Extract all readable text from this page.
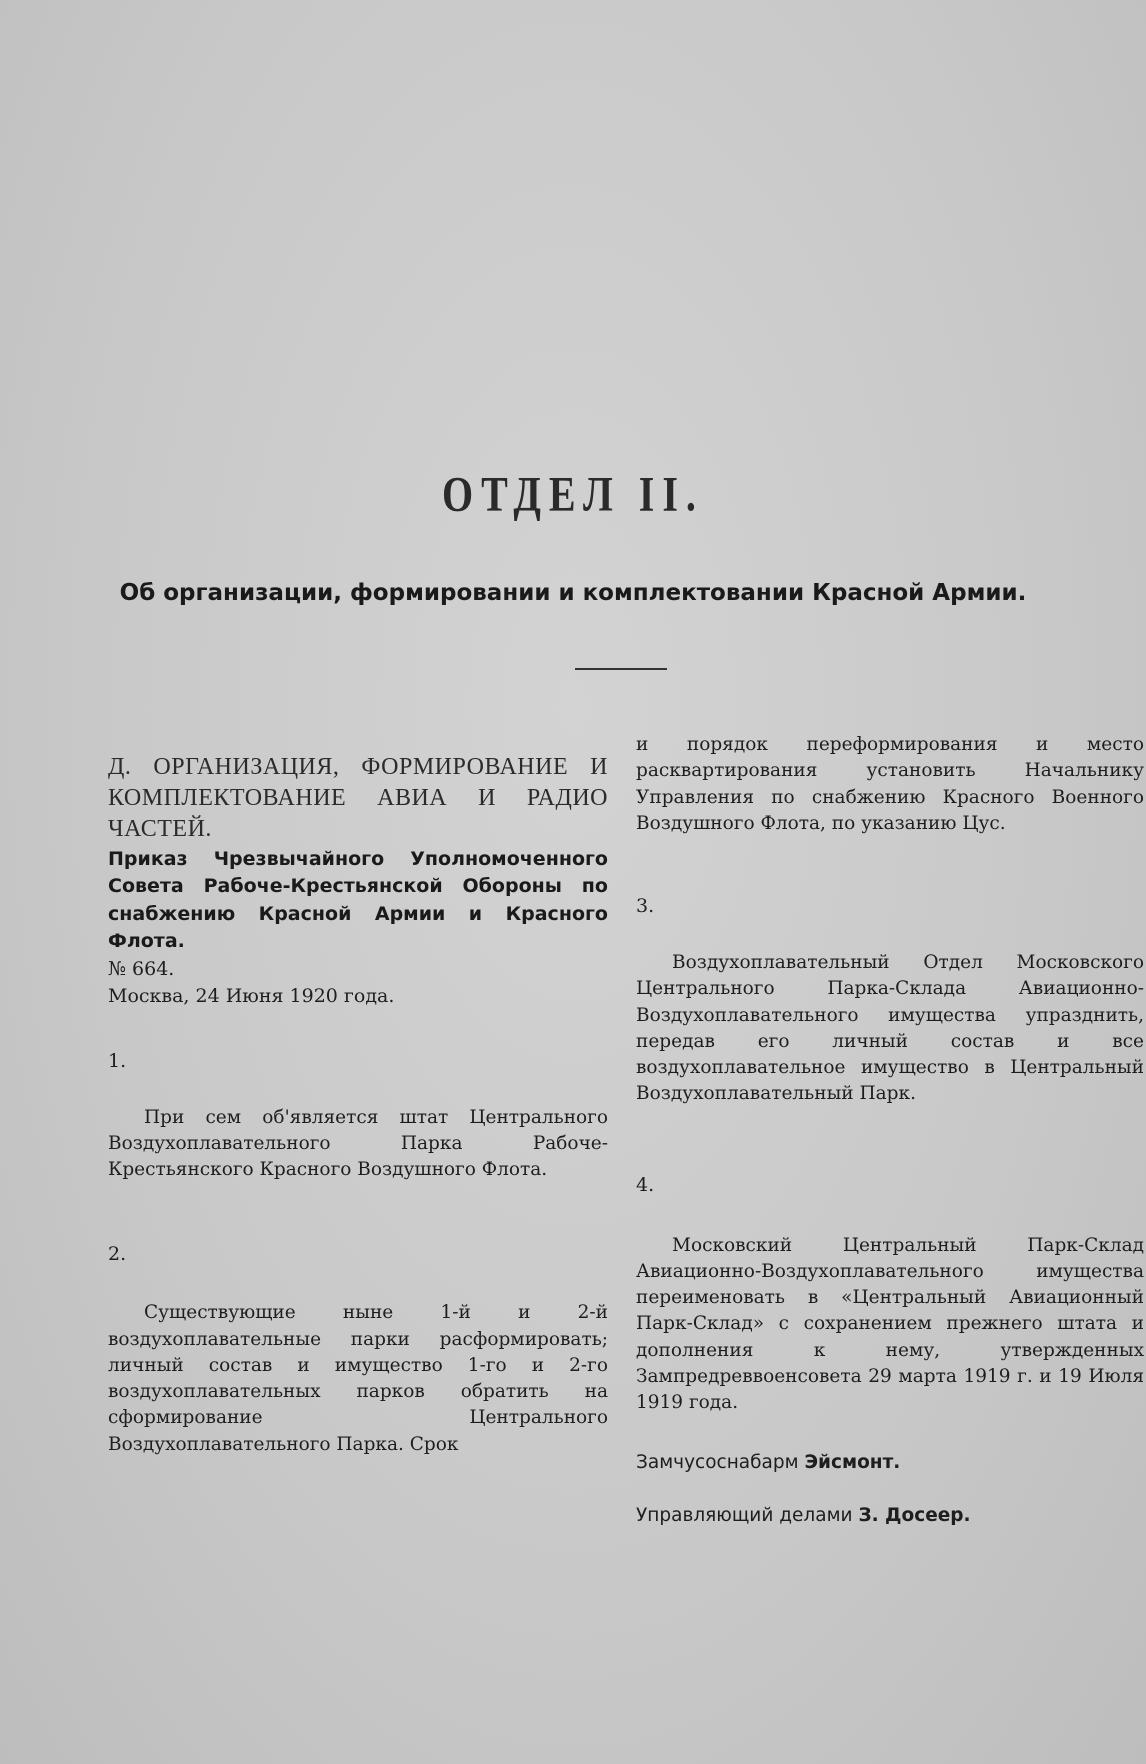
ОТДЕЛ II.
Об организации, формировании и комплектовании Красной Армии.

Д. ОРГАНИЗАЦИЯ, ФОРМИРОВАНИЕ И КОМПЛЕКТОВАНИЕ АВИА И РАДИО ЧАСТЕЙ.

Приказ Чрезвычайного Уполномоченного Совета Рабоче-Крестьянской Обороны по снабжению Красной Армии и Красного Флота.

№ 664.

Москва, 24 Июня 1920 года.

1.

При сем об'является штат Центрального Воздухоплавательного Парка Рабоче-Крестьянского Красного Воздушного Флота.

2.

Существующие ныне 1-й и 2-й воздухоплавательные парки расформировать; личный состав и имущество 1-го и 2-го воздухоплавательных парков обратить на сформирование Центрального Воздухоплавательного Парка. Срок

и порядок переформирования и место расквартирования установить Начальнику Управления по снабжению Красного Военного Воздушного Флота, по указанию Цус.

3.

Воздухоплавательный Отдел Московского Центрального Парка-Склада Авиационно-Воздухоплавательного имущества упразднить, передав его личный состав и все воздухоплавательное имущество в Центральный Воздухоплавательный Парк.

4.

Московский Центральный Парк-Склад Авиационно-Воздухоплавательного имущества переименовать в «Центральный Авиационный Парк-Склад» с сохранением прежнего штата и дополнения к нему, утвержденных Зампредреввоенсовета 29 марта 1919 г. и 19 Июля 1919 года.

Замчусоснабарм Эйсмонт.

Управляющий делами З. Досеер.
